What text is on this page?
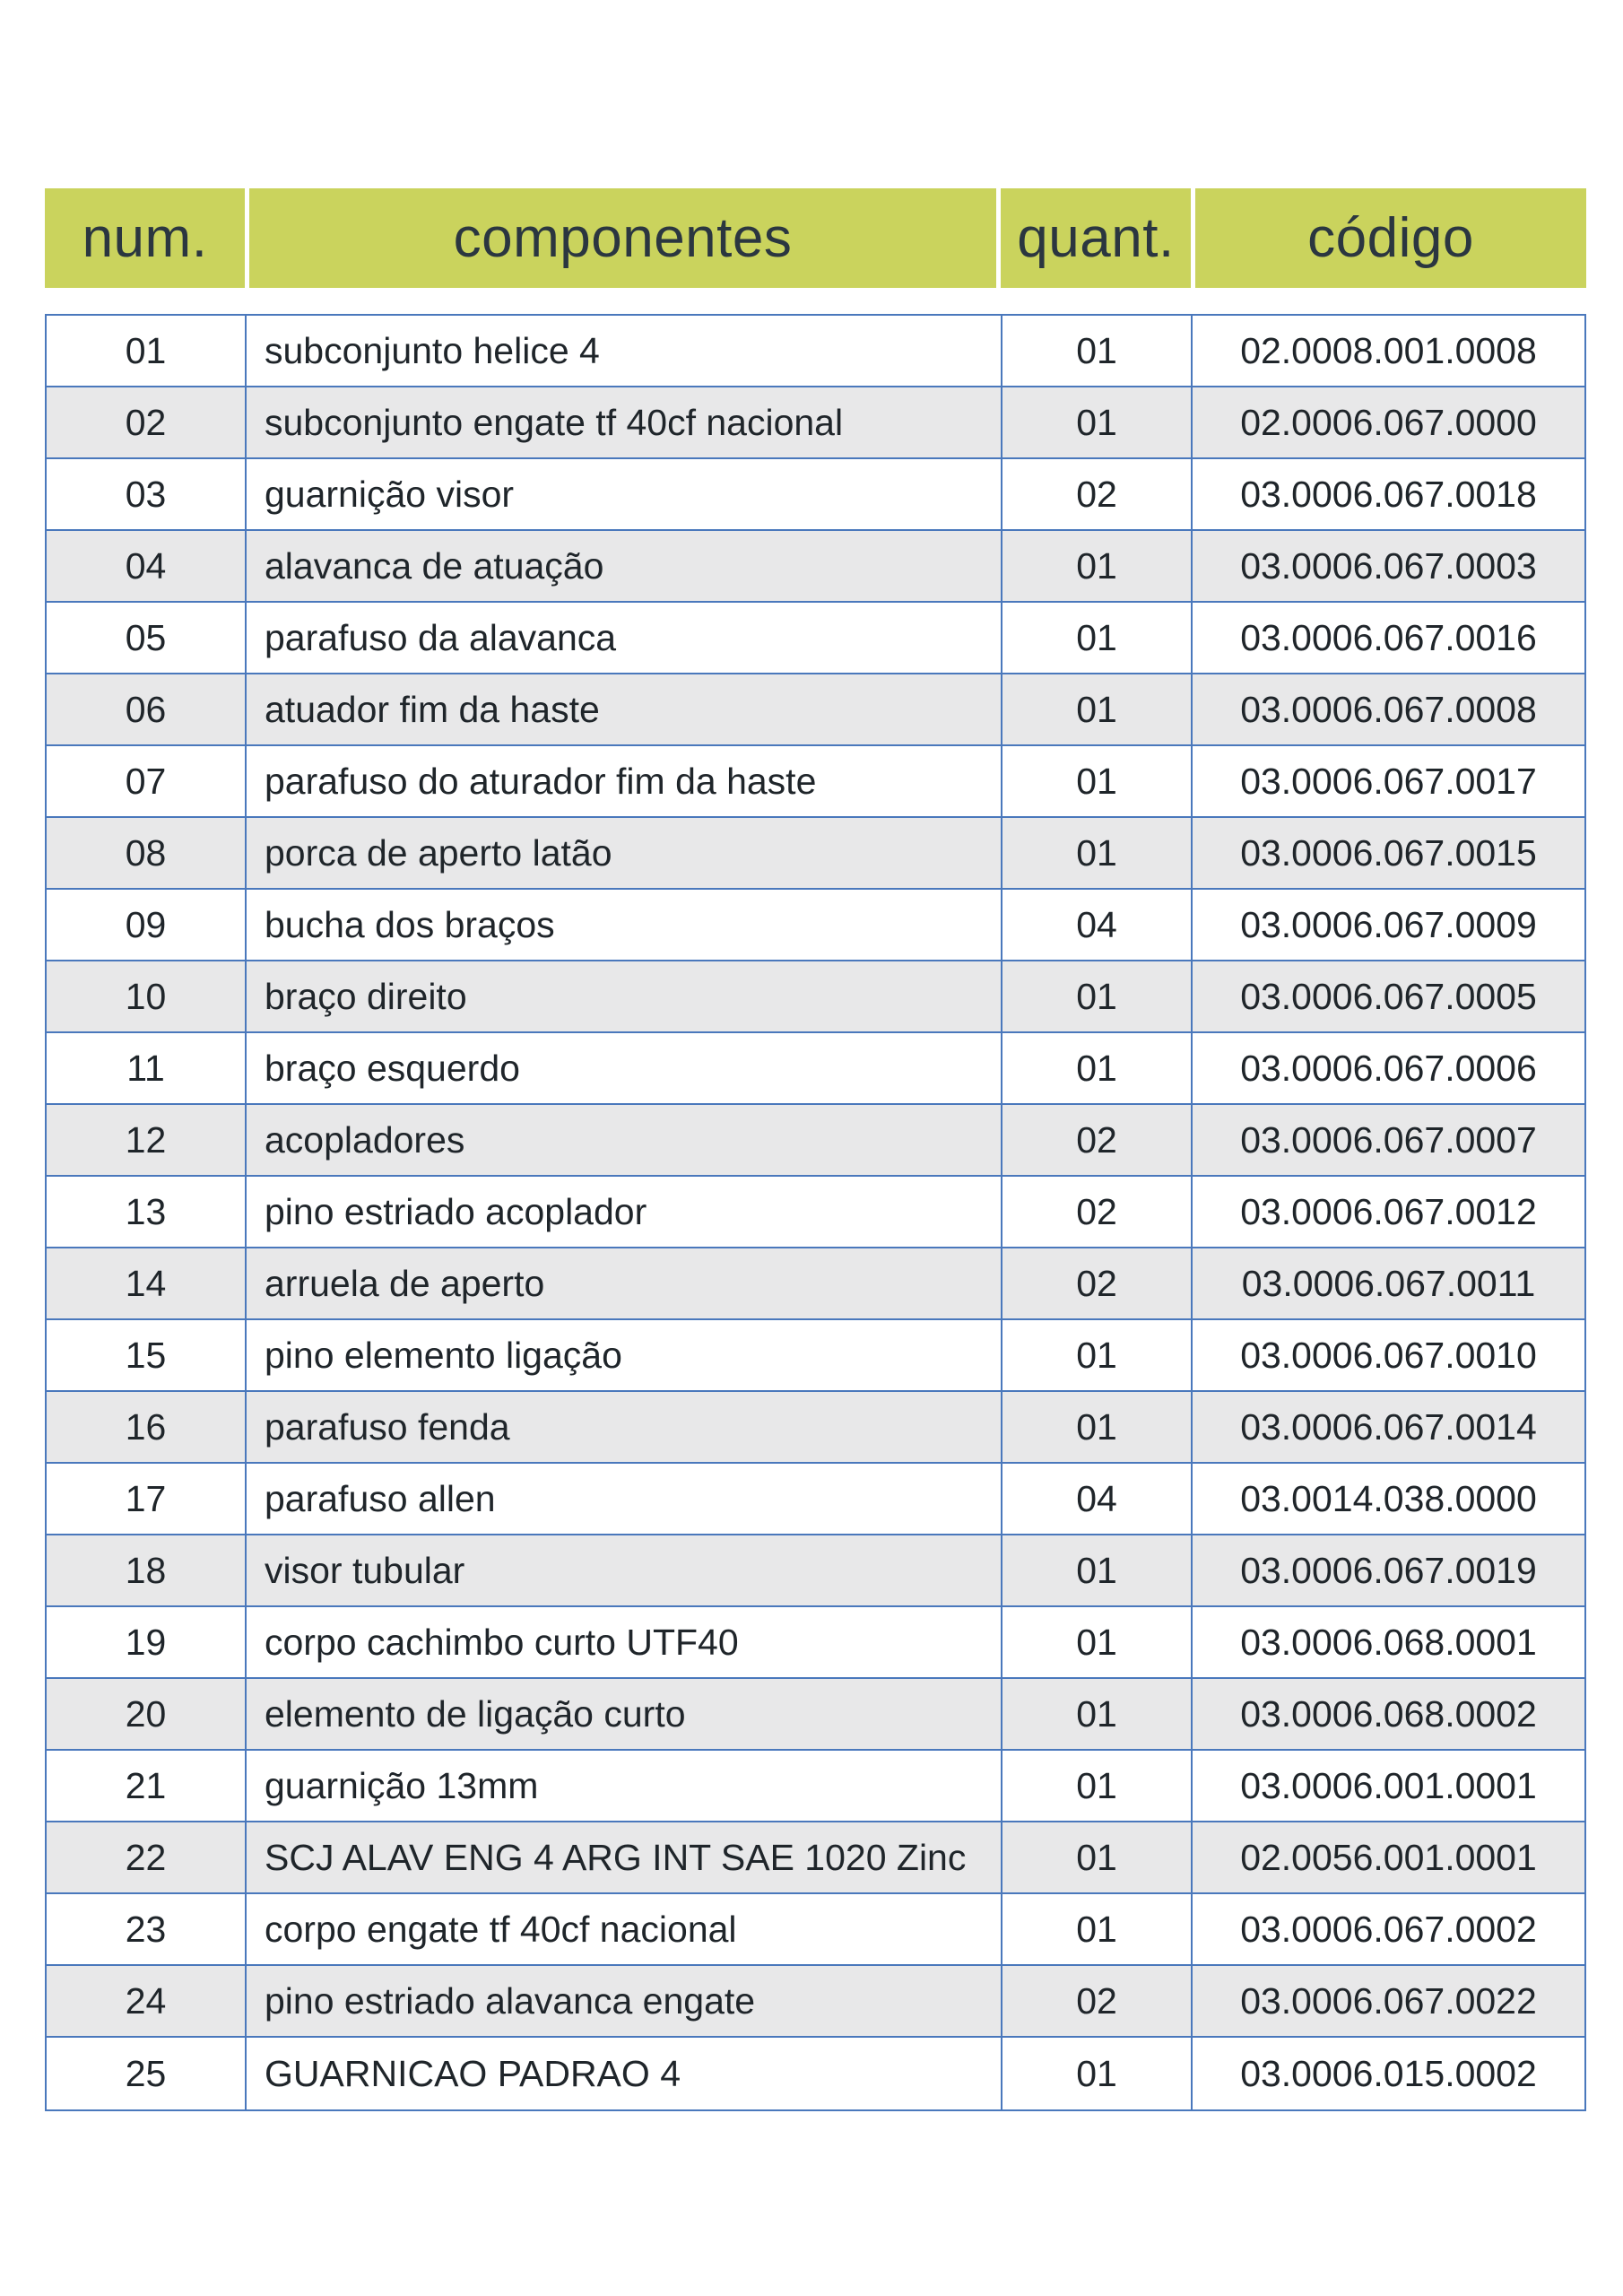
num.	componentes	quant.	código
01	subconjunto helice 4	01	02.0008.001.0008
02	subconjunto engate tf 40cf nacional	01	02.0006.067.0000
03	guarnição visor	02	03.0006.067.0018
04	alavanca de atuação	01	03.0006.067.0003
05	parafuso da alavanca	01	03.0006.067.0016
06	atuador fim da haste	01	03.0006.067.0008
07	parafuso do aturador fim da haste	01	03.0006.067.0017
08	porca de aperto latão	01	03.0006.067.0015
09	bucha dos braços	04	03.0006.067.0009
10	braço direito	01	03.0006.067.0005
11	braço esquerdo	01	03.0006.067.0006
12	acopladores	02	03.0006.067.0007
13	pino estriado acoplador	02	03.0006.067.0012
14	arruela de aperto	02	03.0006.067.0011
15	pino elemento ligação	01	03.0006.067.0010
16	parafuso fenda	01	03.0006.067.0014
17	parafuso allen	04	03.0014.038.0000
18	visor tubular	01	03.0006.067.0019
19	corpo cachimbo curto UTF40	01	03.0006.068.0001
20	elemento de ligação curto	01	03.0006.068.0002
21	guarnição 13mm	01	03.0006.001.0001
22	SCJ ALAV ENG 4 ARG INT SAE 1020 Zinc	01	02.0056.001.0001
23	corpo engate tf 40cf nacional	01	03.0006.067.0002
24	pino estriado alavanca engate	02	03.0006.067.0022
25	GUARNICAO PADRAO 4	01	03.0006.015.0002
